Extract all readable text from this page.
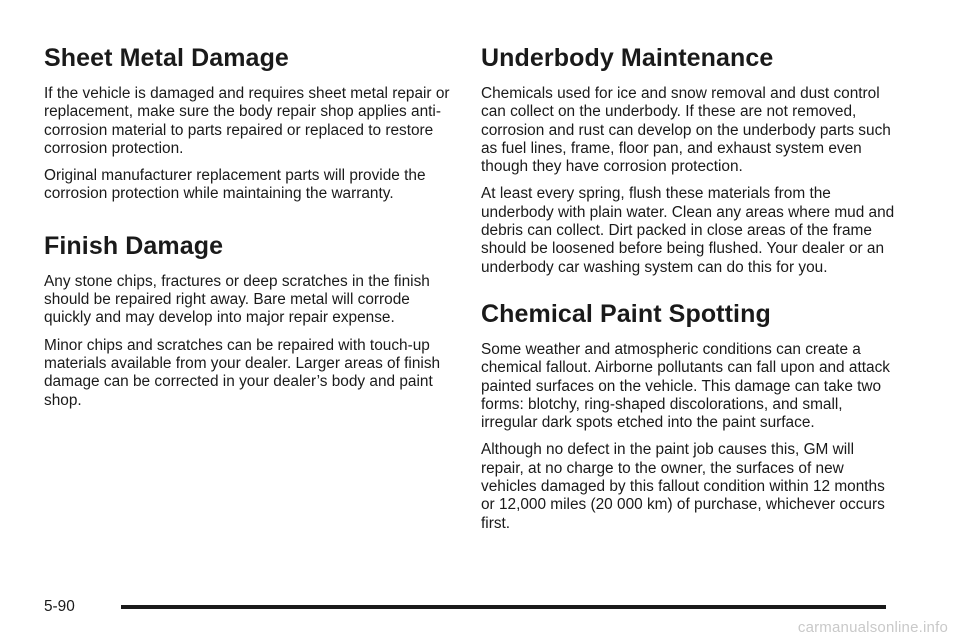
Sheet Metal Damage

If the vehicle is damaged and requires sheet metal repair or replacement, make sure the body repair shop applies anti-corrosion material to parts repaired or replaced to restore corrosion protection.

Original manufacturer replacement parts will provide the corrosion protection while maintaining the warranty.

Finish Damage

Any stone chips, fractures or deep scratches in the finish should be repaired right away. Bare metal will corrode quickly and may develop into major repair expense.

Minor chips and scratches can be repaired with touch-up materials available from your dealer. Larger areas of finish damage can be corrected in your dealer’s body and paint shop.

Underbody Maintenance

Chemicals used for ice and snow removal and dust control can collect on the underbody. If these are not removed, corrosion and rust can develop on the underbody parts such as fuel lines, frame, floor pan, and exhaust system even though they have corrosion protection.

At least every spring, flush these materials from the underbody with plain water. Clean any areas where mud and debris can collect. Dirt packed in close areas of the frame should be loosened before being flushed. Your dealer or an underbody car washing system can do this for you.

Chemical Paint Spotting

Some weather and atmospheric conditions can create a chemical fallout. Airborne pollutants can fall upon and attack painted surfaces on the vehicle. This damage can take two forms: blotchy, ring-shaped discolorations, and small, irregular dark spots etched into the paint surface.

Although no defect in the paint job causes this, GM will repair, at no charge to the owner, the surfaces of new vehicles damaged by this fallout condition within 12 months or 12,000 miles (20 000 km) of purchase, whichever occurs first.

5-90
carmanualsonline.info
